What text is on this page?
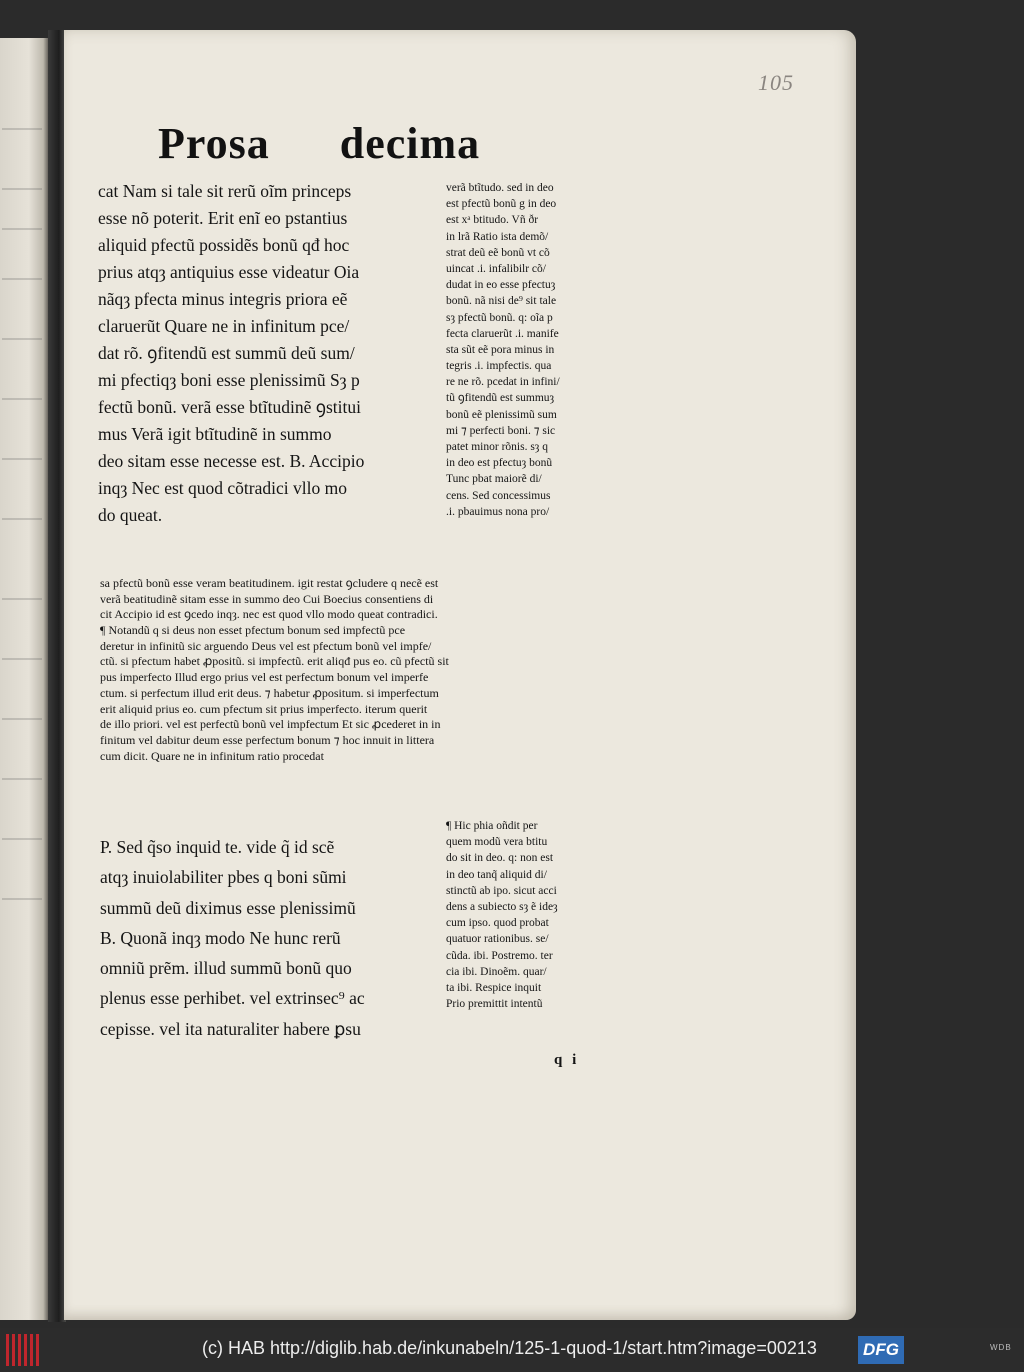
105
Prosa decima
cat Nam si tale sit rerũ oĩm princeps
esse nõ poterit. Erit enĩ eo pstantius
aliquid pfectũ possidẽs bonũ qđ hoc
prius atqȝ antiquius esse videatur Oia
nãqȝ pfecta minus integris priora eẽ
claruerũt Quare ne in infinitum pce/
dat rõ. ꝯfitendũ est summũ deũ sum/
mi pfectiqȝ boni esse plenissimũ Sȝ p
fectũ bonũ. verã esse btĩtudinẽ ꝯstitui
mus Verã igit btĩtudinẽ in summo
deo sitam esse necesse est. B. Accipio
inqȝ Nec est quod cõtradici vllo mo
do queat.
verã btĩtudo. sed in deo
est pfectũ bonũ g in deo
est xᵃ btitudo. Vñ ðr
in lrã Ratio ista demõ/
strat deũ eẽ bonũ vt cõ
uincat .i. infalibilr cõ/
dudat in eo esse pfectuȝ
bonũ. nã nisi de⁹ sit tale
sȝ pfectũ bonũ. q: oĩa p
fecta claruerũt .i. manife
sta sũt eẽ pora minus in
tegris .i. impfectis. qua
re ne rõ. pcedat in infini/
tũ ꝯfitendũ est summuȝ
bonũ eẽ plenissimũ sum
mi ⁊ perfecti boni. ⁊ sic
patet minor rõnis. sȝ q
in deo est pfectuȝ bonũ
Tunc pbat maiorẽ di/
cens. Sed concessimus
.i. pbauimus nona pro/
sa pfectũ bonũ esse veram beatitudinem. igit restat ꝯcludere q necẽ est
verã beatitudinẽ sitam esse in summo deo Cui Boecius consentiens di
cit Accipio id est ꝯcedo inqȝ. nec est quod vllo modo queat contradici.
¶ Notandũ q si deus non esset pfectum bonum sed impfectũ pce
deretur in infinitũ sic arguendo Deus vel est pfectum bonũ vel impfe/
ctũ. si pfectum habet ꝓpositũ. si impfectũ. erit aliqđ pus eo. cũ pfectũ sit
pus imperfecto Illud ergo prius vel est perfectum bonum vel imperfe
ctum. si perfectum illud erit deus. ⁊ habetur ꝓpositum. si imperfectum
erit aliquid prius eo. cum pfectum sit prius imperfecto. iterum querit
de illo priori. vel est perfectũ bonũ vel impfectum Et sic ꝓcederet in in
finitum vel dabitur deum esse perfectum bonum ⁊ hoc innuit in littera
cum dicit. Quare ne in infinitum ratio procedat
P. Sed q̃so inquid te. vide q̃ id scẽ
atqȝ inuiolabiliter pbes q boni sũmi
summũ deũ diximus esse plenissimũ
B. Quonã inqȝ modo Ne hunc rerũ
omniũ prẽm. illud summũ bonũ quo
plenus esse perhibet. vel extrinsec⁹ ac
cepisse. vel ita naturaliter habere ꝑsu
¶ Hic phia oñdit per
quem modũ vera btitu
do sit in deo. q: non est
in deo tanq̃ aliquid di/
stinctũ ab ipo. sicut acci
dens a subiecto sȝ ẽ ideȝ
cum ipso. quod probat
quatuor rationibus. se/
cũda. ibi. Postremo. ter
cia ibi. Dinoẽm. quar/
ta ibi. Respice inquit
Prio premittit intentũ
q i
(c) HAB http://diglib.hab.de/inkunabeln/125-1-quod-1/start.htm?image=00213	DFG	WDB
